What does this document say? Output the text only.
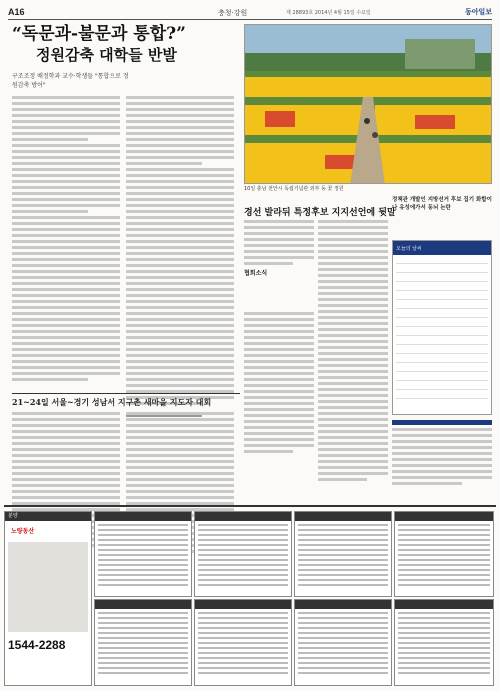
A16	충청·강원	제 28893호 2014년 4월 15일 수요일	동아일보
“독문과-불문과 통합?”
정원감축 대학들 반발
구조조정 배정학과 교수·학생들 "통합으로 정원감축 방어"
10일 충남 천안시 독립기념관 외부 동 꽃 정원
경선 발라뒤 특정후보 지지선언에 뒷말
정책관 개발인 지방선거 후보 집기 화합이나 유성에가서 동뇌 논란
협회소식
오늘의 날씨
21~24일 서울~경기 성남서 지구촌 새마을 지도자 대회
분양
노량동산
1544-2288
